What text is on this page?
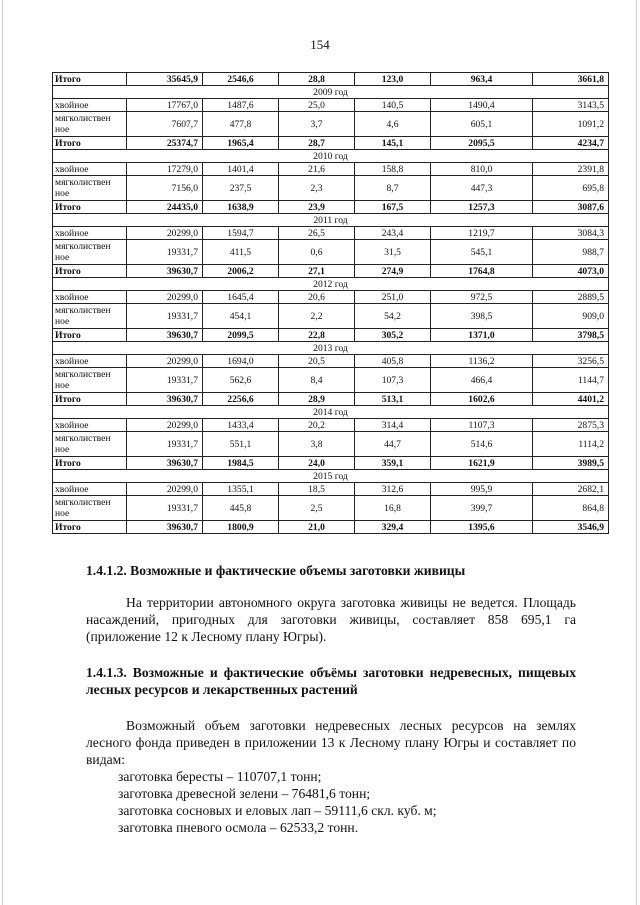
154
Итого	35645,9	2546,6	28,8	123,0	963,4	3661,8
2009 год						
хвойное	17767,0	1487,6	25,0	140,5	1490,4	3143,5
мягколиствен
ное	7607,7	477,8	3,7	4,6	605,1	1091,2
Итого	25374,7	1965,4	28,7	145,1	2095,5	4234,7
2010 год						
хвойное	17279,0	1401,4	21,6	158,8	810,0	2391,8
мягколиствен
ное	7156,0	237,5	2,3	8,7	447,3	695,8
Итого	24435,0	1638,9	23,9	167,5	1257,3	3087,6
2011 год						
хвойное	20299,0	1594,7	26,5	243,4	1219,7	3084,3
мягколиствен
ное	19331,7	411,5	0,6	31,5	545,1	988,7
Итого	39630,7	2006,2	27,1	274,9	1764,8	4073,0
2012 год						
хвойное	20299,0	1645,4	20,6	251,0	972,5	2889,5
мягколиствен
ное	19331,7	454,1	2,2	54,2	398,5	909,0
Итого	39630,7	2099,5	22,8	305,2	1371,0	3798,5
2013 год						
хвойное	20299,0	1694,0	20,5	405,8	1136,2	3256,5
мягколиствен
ное	19331,7	562,6	8,4	107,3	466,4	1144,7
Итого	39630,7	2256,6	28,9	513,1	1602,6	4401,2
2014 год						
хвойное	20299,0	1433,4	20,2	314,4	1107,3	2875,3
мягколиствен
ное	19331,7	551,1	3,8	44,7	514,6	1114,2
Итого	39630,7	1984,5	24,0	359,1	1621,9	3989,5
2015 год						
хвойное	20299,0	1355,1	18,5	312,6	995,9	2682,1
мягколиствен
ное	19331,7	445,8	2,5	16,8	399,7	864,8
Итого	39630,7	1800,9	21,0	329,4	1395,6	3546,9
1.4.1.2. Возможные и фактические объемы заготовки живицы
На территории автономного округа заготовка живицы не ведется. Площадь насаждений, пригодных для заготовки живицы, составляет 858 695,1 га (приложение 12 к Лесному плану Югры).
1.4.1.3. Возможные и фактические объёмы заготовки недревесных, пищевых лесных ресурсов и лекарственных растений
Возможный объем заготовки недревесных лесных ресурсов на землях лесного фонда приведен в приложении 13 к Лесному плану Югры и составляет по видам:
заготовка бересты – 110707,1 тонн;
заготовка древесной зелени – 76481,6 тонн;
заготовка сосновых и еловых лап – 59111,6 скл. куб. м;
заготовка пневого осмола – 62533,2 тонн.
